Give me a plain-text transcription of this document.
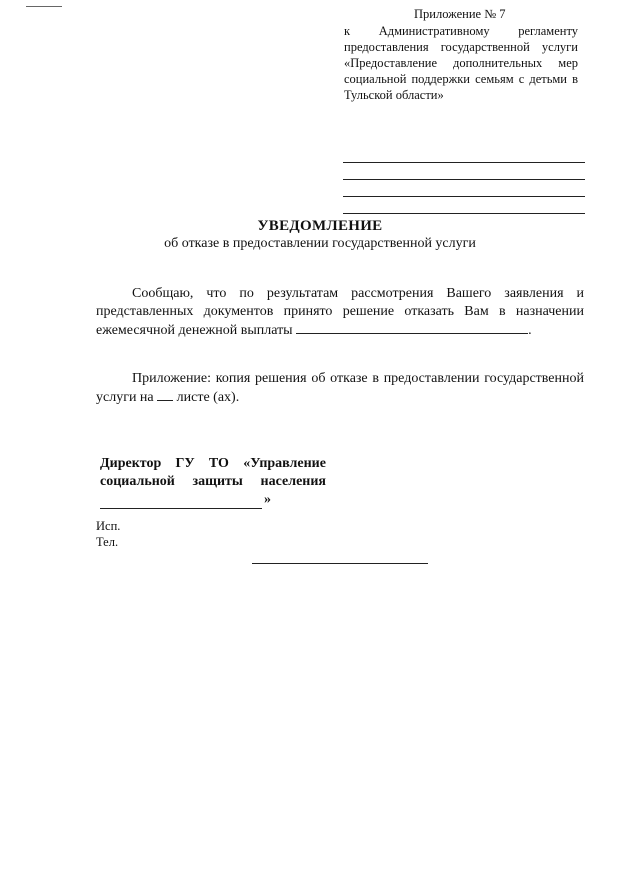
Приложение № 7
к Административному регламенту предоставления государственной услуги «Предоставление дополнительных мер социальной поддержки семьям с детьми в Тульской области»
УВЕДОМЛЕНИЕ
об отказе в предоставлении государственной услуги
Сообщаю, что по результатам рассмотрения Вашего заявления и представленных документов принято решение отказать Вам в назначении ежемесячной денежной выплаты	.
Приложение: копия решения об отказе в предоставлении государственной услуги на листе (ах).
Директор ГУ ТО «Управление
социальной защиты населения
»
Исп.
Тел.
